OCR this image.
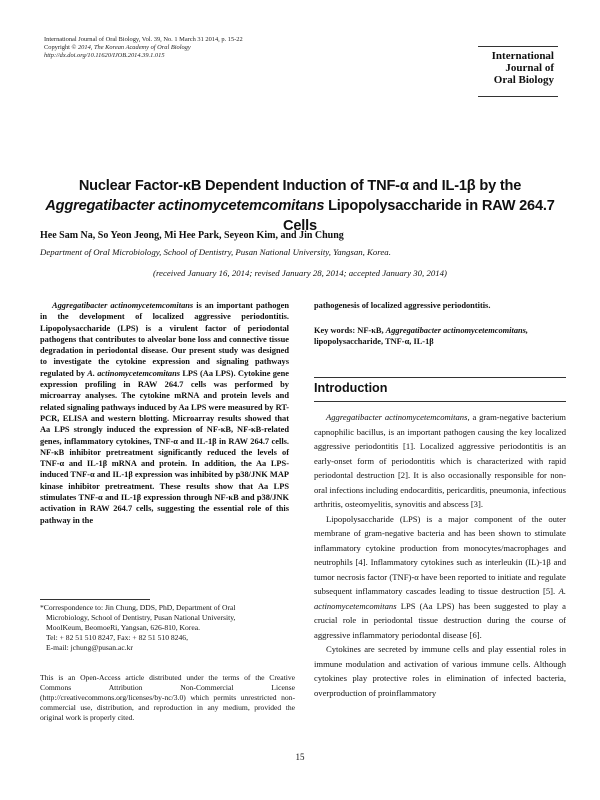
International Journal of Oral Biology, Vol. 39, No. 1 March 31 2014, p. 15-22
Copyright © 2014, The Korean Academy of Oral Biology
http://dx.doi.org/10.11620/IJOB.2014.39.1.015	International
Journal of
Oral Biology
Nuclear Factor-κB Dependent Induction of TNF-α and IL-1β by the Aggregatibacter actinomycetemcomitans Lipopolysaccharide in RAW 264.7 Cells
Hee Sam Na, So Yeon Jeong, Mi Hee Park, Seyeon Kim, and Jin Chung
Department of Oral Microbiology, School of Dentistry, Pusan National University, Yangsan, Korea.
(received January 16, 2014; revised January 28, 2014; accepted January 30, 2014)

Aggregatibacter actinomycetemcomitans is an important pathogen in the development of localized aggressive periodontitis. Lipopolysaccharide (LPS) is a virulent factor of periodontal pathogens that contributes to alveolar bone loss and connective tissue degradation in periodontal disease. Our present study was designed to investigate the cytokine expression and signaling pathways regulated by A. actinomycetemcomitans LPS (Aa LPS). Cytokine gene expression profiling in RAW 264.7 cells was performed by microarray analyses. The cytokine mRNA and protein levels and related signaling pathways induced by Aa LPS were measured by RT-PCR, ELISA and western blotting. Microarray results showed that Aa LPS strongly induced the expression of NF-κB, NF-κB-related genes, inflammatory cytokines, TNF-α and IL-1β in RAW 264.7 cells. NF-κB inhibitor pretreatment significantly reduced the levels of TNF-α and IL-1β mRNA and protein. In addition, the Aa LPS-induced TNF-α and IL-1β expression was inhibited by p38/JNK MAP kinase inhibitor pretreatment. These results show that Aa LPS stimulates TNF-α and IL-1β expression through NF-κB and p38/JNK activation in RAW 264.7 cells, suggesting the essential role of this pathway in the

pathogenesis of localized aggressive periodontitis.
Key words: NF-κB, Aggregatibacter actinomycetemcomitans, lipopolysaccharide, TNF-α, IL-1β
*Correspondence to: Jin Chung, DDS, PhD, Department of Oral
Microbiology, School of Dentistry, Pusan National University,
MoolKeum, BeomoeRi, Yangsan, 626-810, Korea.
Tel: + 82 51 510 8247, Fax: + 82 51 510 8246,
E-mail: jchung@pusan.ac.kr
This is an Open-Access article distributed under the terms of the Creative Commons Attribution Non-Commercial License (http://creativecommons.org/licenses/by-nc/3.0) which permits unrestricted non-commercial use, distribution, and reproduction in any medium, provided the original work is properly cited.
Introduction

Aggregatibacter actinomycetemcomitans, a gram-negative bacterium capnophilic bacillus, is an important pathogen causing the key localized aggressive periodontitis [1]. Localized aggressive periodontitis is an early-onset form of periodontitis which is characterized with rapid periodontal destruction [2]. It is also occasionally responsible for non-oral infections including endocarditis, pericarditis, pneumonia, infectious arthritis, osteomyelitis, synovitis and abscess [3].

Lipopolysaccharide (LPS) is a major component of the outer membrane of gram-negative bacteria and has been shown to stimulate inflammatory cytokine production from monocytes/macrophages and neutrophils [4]. Inflammatory cytokines such as interleukin (IL)-1β and tumor necrosis factor (TNF)-α have been reported to initiate and regulate subsequent inflammatory cascades leading to tissue destruction [5]. A. actinomycetemcomitans LPS (Aa LPS) has been suggested to play a crucial role in periodontal tissue destruction during the course of aggressive inflammatory periodontal disease [6].

Cytokines are secreted by immune cells and play essential roles in immune modulation and activation of various immune cells. Although cytokines play protective roles in elimination of infected bacteria, overproduction of proinflammatory

15
